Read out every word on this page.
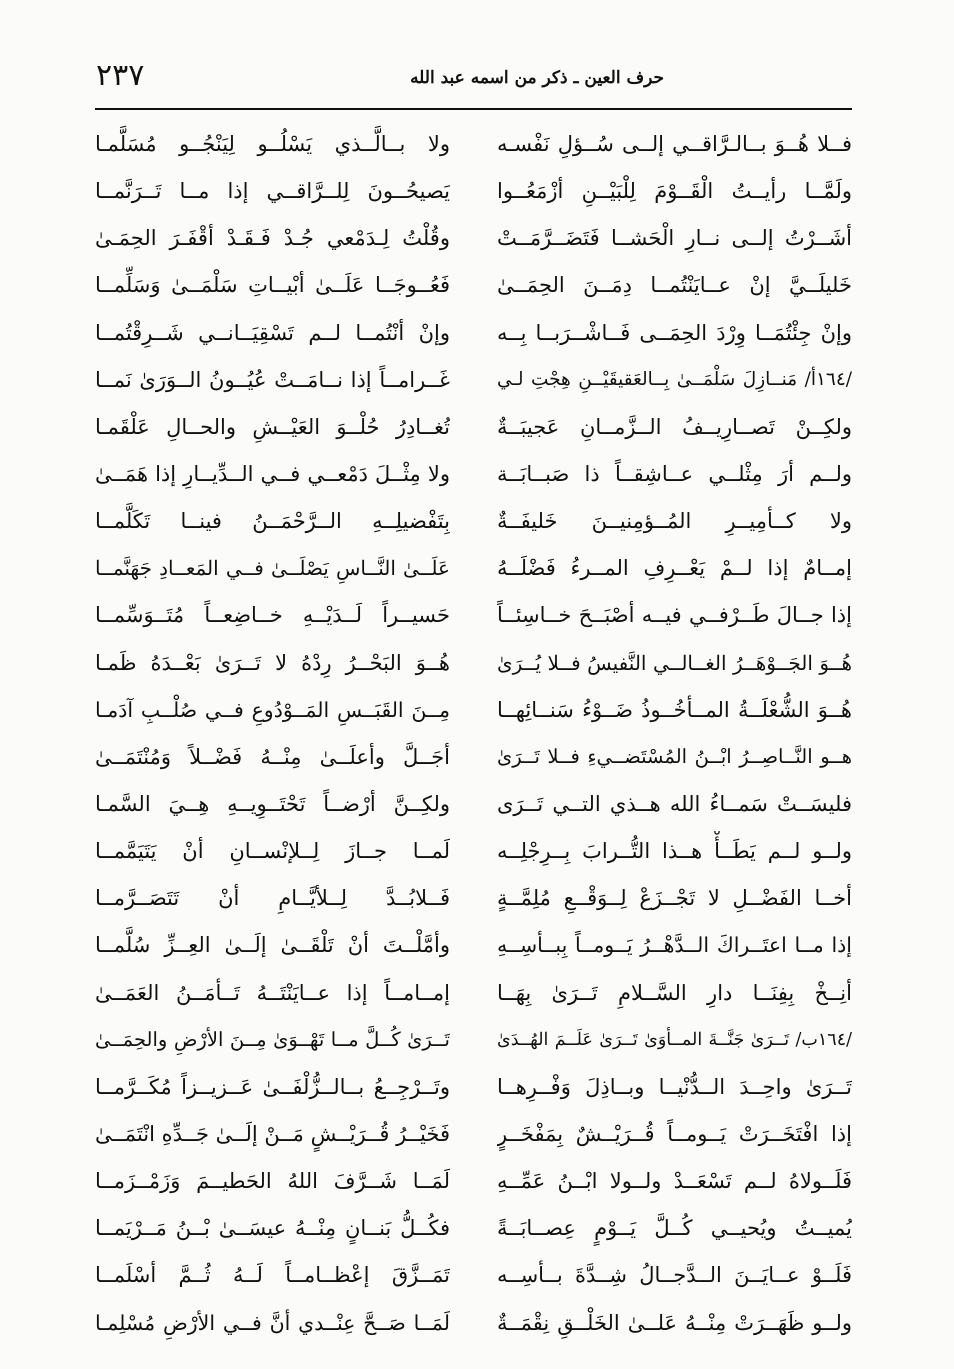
٢٣٧	حرف العين ـ ذكر من اسمه عبد الله
فــلا هُــوَ بــالـرَّاقــي إلــى سُــؤلِ نَفْسـه
ولا بــالَّــذي يَسْلُــو لِيَنْجُــو مُسَلَّمـا
ولَمَّــا رأيــتُ الْقَــوْمَ لِلْبَيْــنِ أزْمَعُــوا
يَصيحُــونَ لِلــرَّاقــي إذا مــا تَــرَنَّمــا
أشَــرْتُ إلــى نــارِ الْحَشــا فَتَضَــرَّمَــتْ
وقُلْتُ لِـدَمْعي جُـدْ فَـقَـدْ أقْفَـرَ الحِمَـىٰ
خَليلَــيَّ إنْ عــايَنْتُمــا دِمَــنَ الحِمَــىٰ
فَعُــوجَــا عَلَــىٰ أبْيــاتِ سَلْمَــىٰ وَسَلِّمــا
وإنْ جِئْتُمَــا وِرْدَ الحِمَــى فَــاشْــرَبــا بِــه
وإنْ أنْتُمــا لــم تَسْقِيَــانــي شَــرِقْتُمــا
/١٦٤أ/ مَنــازِلَ سَلْمَــىٰ بِــالعَقيقَيْــنِ هِجْتِ لـي
غَــرامــاً إذا نــامَــتْ عُيُــونُ الــوَرَىٰ نَمــا
ولكِــنْ تَصــارِيــفُ الــزَّمــانِ عَجيبَــةٌ
تُغــادِرُ حُلْــوَ العَيْــشِ والحــالِ عَلْقَمـا
ولــم أرَ مِثْلــي عــاشِقــاً ذا صَبــابَــة
ولا مِثْــلَ دَمْعــي فــي الــدِّيــارِ إذا هَمَــىٰ
ولا كــأمِيــرِ المُــؤمِنيــنَ خَليفَــةٌ
بِتَفْضيلِــهِ الــرَّحْمَــنُ فينــا تَكَلَّمــا
إمــامٌ إذا لــمْ يَعْــرِفِ المــرءُ فَضْلَــهُ
عَلَــىٰ النَّــاسِ يَصْلَــىٰ فــي المَعــادِ جَهَنَّمــا
إذا جــالَ طَــرْفــي فيــه أصْبَــحَ خــاسِئــاً
حَسيــراً لَــدَيْــهِ خــاضِعــاً مُتَــوَسِّمــا
هُــوَ الجَــوْهَــرُ الغــالــي النَّفيسُ فــلا يُــرَىٰ
هُــوَ البَحْــرُ رِدْهُ لا تَــرَىٰ بَعْــدَهُ ظَمـا
هُــوَ الشُّعْلَــةُ المــأخُــوذُ ضَــوْءُ سَنــائِهــا
مِــنَ القَبَــسِ المَــوْدُوعِ فــي صُلْــبِ آدَمـا
هــو النَّــاصِــرُ ابْــنُ المُسْتَضــيءِ فــلا تَــرَىٰ
أجَــلَّ وأعلَــىٰ مِنْــهُ فَضْــلاً وَمُنْتَمَــىٰ
فليسَــتْ سَمــاءُ الله هــذي التــي تَــرَى
ولكِــنَّ أرْضــاً تَحْتَــوِيــهِ هِــيَ السَّمـا
ولــو لــم يَطَــأْ هــذا التُّــرابَ بِــرِجْلِــه
لَمــا جــازَ لِــلإنْســانِ أنْ يَتَيَمَّمــا
أخــا الفَضْــلِ لا تَجْــزَعْ لِــوَقْــعِ مُلِمَّــةٍ
فَــلابُــدَّ لِــلأيَّــامِ أنْ تَتَصَــرَّمــا
إذا مــا اعتَــراكَ الــدَّهْــرُ يَــومــاً بِبــأسِــهِ
وأمَّلْــتَ أنْ تَلْقَــىٰ إلَــىٰ العِــزِّ سُلَّمــا
أنِــخْ بِفِنَــا دارِ السَّــلامِ تَــرَىٰ بِهَــا
إمــامــاً إذا عــايَنْتَــهُ تَــأمَــنُ العَمَــىٰ
/١٦٤ب/ تَــرَىٰ جَنَّــةَ المــأوَىٰ تَــرَىٰ عَلَــمَ الهُــدَىٰ
تَــرَىٰ كُــلَّ مــا تَهْــوَىٰ مِــنَ الأرْضِ والحِمَــىٰ
تَــرَىٰ واحِــدَ الــدُّنْيــا وبــاذِلَ وَفْــرِهــا
وتَــرْجِــعُ بــالــزُّلْفَــىٰ عَــزيــزاً مُكَــرَّمــا
إذا افْتَخَــرَتْ يَــومــاً قُــرَيْــشٌ بِمَفْخَــرٍ
فَخَيْــرُ قُــرَيْــشٍ مَــنْ إلَــىٰ جَــدِّهِ انْتَمَــىٰ
فَلَــولاهُ لــم تَسْعَــدْ ولــولا ابْــنُ عَمِّــهِ
لَمَــا شَــرَّفَ اللهُ الحَطيــمَ وَزَمْــزَمــا
يُميــتُ ويُحيــي كُــلَّ يَــوْمٍ عِصــابَــةً
فكُــلُّ بَنــانٍ مِنْــهُ عيسَــىٰ بْــنُ مَــرْيَمــا
فَلَــوْ عــايَــنَ الــدَّجــالُ شِــدَّةَ بــأسِــه
تَمَــزَّقَ إعْظــامــاً لَــهُ ثُــمَّ أسْلَمــا
ولــو ظَهَــرَتْ مِنْــهُ عَلــىٰ الخَلْــقِ نِقْمَــةٌ
لَمَــا صَــحَّ عِنْــدي أنَّ فــي الأرْضِ مُسْلِمـا
